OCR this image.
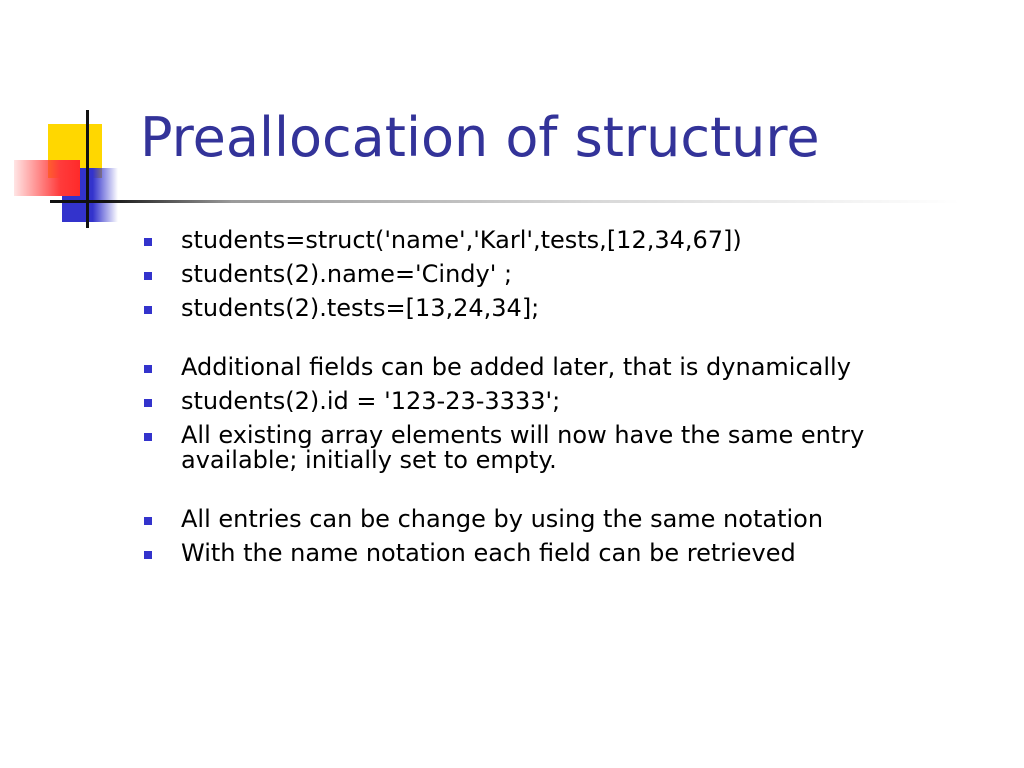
Preallocation of structure
students=struct('name','Karl',tests,[12,34,67])
students(2).name='Cindy' ;
students(2).tests=[13,24,34];
Additional fields can be added later, that is dynamically
students(2).id = '123-23-3333';
All existing array elements will now have the same entry available; initially set to empty.
All entries can be change by using the same notation
With the name notation each field can be retrieved
